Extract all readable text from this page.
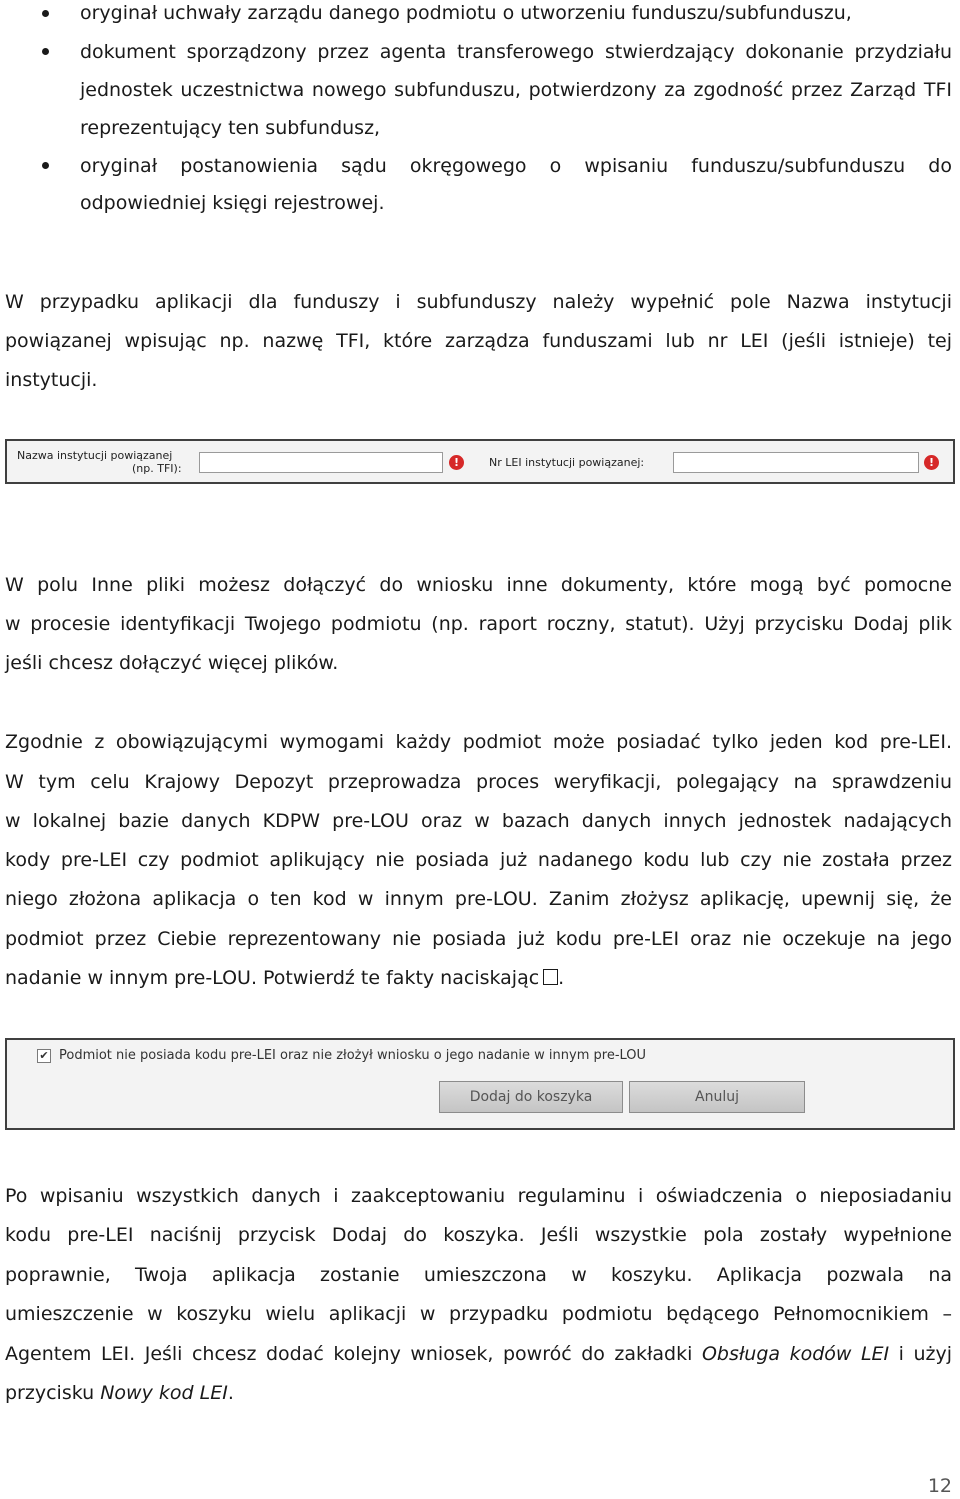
oryginał uchwały zarządu danego podmiotu o utworzeniu funduszu/subfunduszu,
dokument sporządzony przez agenta transferowego stwierdzający dokonanie przydziału
jednostek uczestnictwa nowego subfunduszu, potwierdzony za zgodność przez Zarząd TFI
reprezentujący ten subfundusz,
oryginał postanowienia sądu okręgowego o wpisaniu funduszu/subfunduszu do
odpowiedniej księgi rejestrowej.
W przypadku aplikacji dla funduszy i subfunduszy należy wypełnić pole Nazwa instytucji
powiązanej wpisując np. nazwę TFI, które zarządza funduszami lub nr LEI (jeśli istnieje) tej
instytucji.
Nazwa instytucji powiązanej
(np. TFI):	!	Nr LEI instytucji powiązanej:	!
W polu Inne pliki możesz dołączyć do wniosku inne dokumenty, które mogą być pomocne
w procesie identyfikacji Twojego podmiotu (np. raport roczny, statut). Użyj przycisku Dodaj plik
jeśli chcesz dołączyć więcej plików.
Zgodnie z obowiązującymi wymogami każdy podmiot może posiadać tylko jeden kod pre-LEI.
W tym celu Krajowy Depozyt przeprowadza proces weryfikacji, polegający na sprawdzeniu
w lokalnej bazie danych KDPW pre-LOU oraz w bazach danych innych jednostek nadających
kody pre-LEI czy podmiot aplikujący nie posiada już nadanego kodu lub czy nie została przez
niego złożona aplikacja o ten kod w innym pre-LOU. Zanim złożysz aplikację, upewnij się, że
podmiot przez Ciebie reprezentowany nie posiada już kodu pre-LEI oraz nie oczekuje na jego
nadanie w innym pre-LOU. Potwierdź te fakty naciskając .
✔ Podmiot nie posiada kodu pre-LEI oraz nie złożył wniosku o jego nadanie w innym pre-LOU
Dodaj do koszyka	Anuluj
Po wpisaniu wszystkich danych i zaakceptowaniu regulaminu i oświadczenia o nieposiadaniu
kodu pre-LEI naciśnij przycisk Dodaj do koszyka. Jeśli wszystkie pola zostały wypełnione
poprawnie, Twoja aplikacja zostanie umieszczona w koszyku. Aplikacja pozwala na
umieszczenie w koszyku wielu aplikacji w przypadku podmiotu będącego Pełnomocnikiem –
Agentem LEI. Jeśli chcesz dodać kolejny wniosek, powróć do zakładki Obsługa kodów LEI i użyj
przycisku Nowy kod LEI.
12
